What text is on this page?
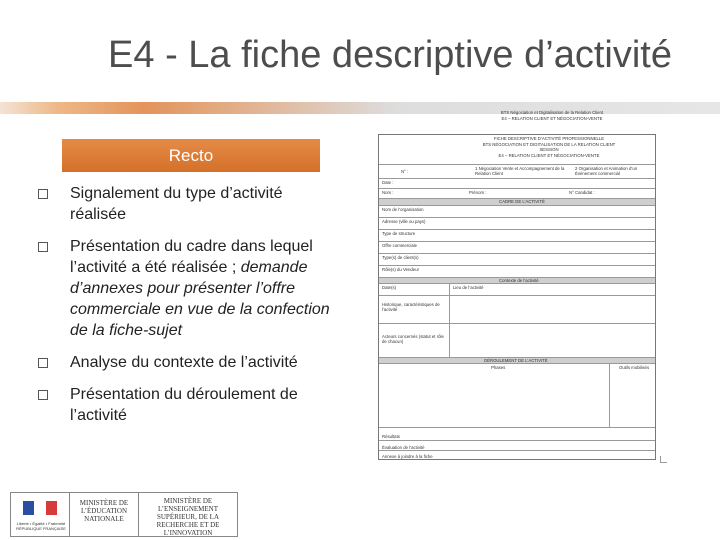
E4 - La fiche descriptive d’activité
Recto
Signalement du type d’activité réalisée
Présentation du cadre dans lequel l’activité a été réalisée ; demande d’annexes pour présenter l’offre commerciale en vue de la confection de la fiche-sujet
Analyse du contexte de l’activité
Présentation du déroulement de l’activité
BTS Négociation et Digitalisation de la Relation Client
E4 – RELATION CLIENT ET NÉGOCIATION-VENTE
FICHE DESCRIPTIVE D’ACTIVITÉ PROFESSIONNELLE
BTS NÉGOCIATION ET DIGITALISATION DE LA RELATION CLIENT
SESSION
E4 – RELATION CLIENT ET NÉGOCIATION-VENTE
N° :
1 Négociation Vente et Accompagnement de la Relation Client
2 Organisation et Animation d’un Évènement commercial
Date :
Nom :	Prénom :	N° Candidat :
CADRE DE L’ACTIVITÉ
Nom de l’organisation
Adresse (ville ou pays)
Type de structure
Offre commerciale
Type(s) de client(s)
Rôle(s) du Vendeur
Contexte de l’activité
Date(s)	Lieu de l’activité
Historique, caractéristiques de l’activité
Acteurs concernés (statut et rôle de chacun)
DÉROULEMENT DE L’ACTIVITÉ
Phases	Outils mobilisés
Résultats
Évaluation de l’activité
Annexe à joindre à la fiche
Liberté • Égalité • Fraternité RÉPUBLIQUE FRANÇAISE
MINISTÈRE DE L’ÉDUCATION NATIONALE
MINISTÈRE DE L’ENSEIGNEMENT SUPÉRIEUR, DE LA RECHERCHE ET DE L’INNOVATION
